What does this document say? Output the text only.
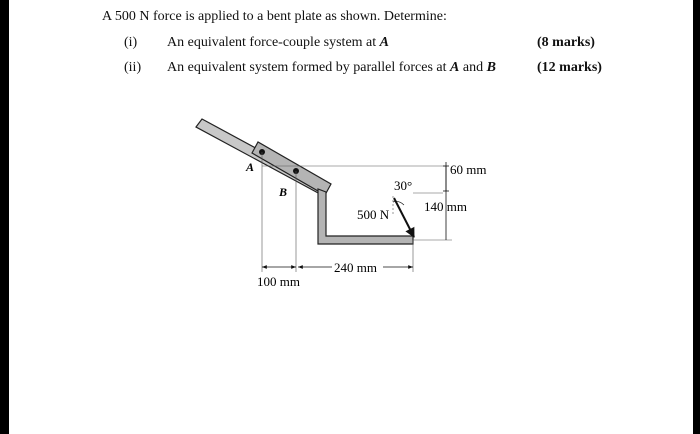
A 500 N force is applied to a bent plate as shown. Determine:
(i) An equivalent force-couple system at A	(8 marks)
(ii) An equivalent system formed by parallel forces at A and B	(12 marks)
A
B
500 N
30°
60 mm
140 mm
240 mm
100 mm
